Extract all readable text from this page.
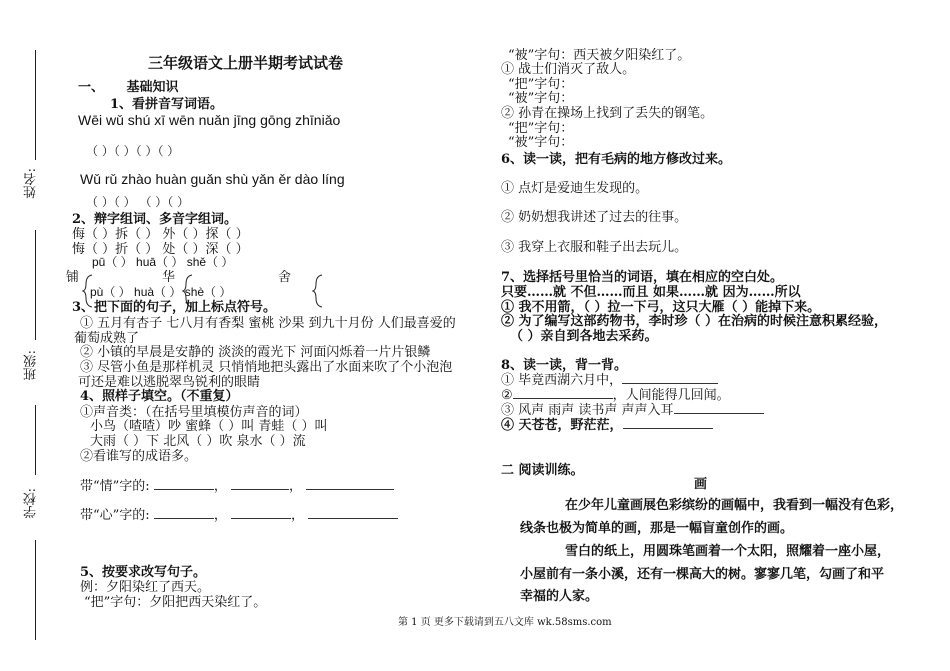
姓名:
班级:
学校:
三年级语文上册半期考试试卷
一、 基础知识
1、看拼音写词语。
Wēi wǔ shú xī wēn nuǎn jīng gōng zhīniǎo
（ ）（ ）（ ）（ ）
Wǔ rǔ zhào huàn guǎn shù yǎn ěr dào líng
（ ）（ ） （ ）（ ）
2、辩字组词、多音字组词。
侮（ ）拆（ ） 外（ ）探（ ）
悔（ ）折（ ） 处（ ）深（ ）
pū（ ） huā（ ） shě（ ）
铺	华	舍
pù（ ） huà（ ） shè（ ）
3、把下面的句子，加上标点符号。
① 五月有杏子 七八月有香梨 蜜桃 沙果 到九十月份 人们最喜爱的
葡萄成熟了
② 小镇的早晨是安静的 淡淡的霞光下 河面闪烁着一片片银鳞
③ 尽管小鱼是那样机灵 只悄悄地把头露出了水面来吹了个小泡泡
可还是难以逃脱翠鸟锐利的眼睛
4、照样子填空。（不重复）
①声音类：（在括号里填模仿声音的词）
小鸟（喳喳）吵 蜜蜂（ ）叫 青蛙（ ）叫
大雨（ ）下 北风（ ）吹 泉水（ ）流
②看谁写的成语多。
带“情”字的:	，	，
带“心”字的:	，	，
5、按要求改写句子。
例：夕阳染红了西天。
“把”字句：夕阳把西天染红了。
“被”字句：西天被夕阳染红了。
① 战士们消灭了敌人。
“把”字句：
“被”字句：
② 孙青在操场上找到了丢失的钢笔。
“把”字句：
“被”字句：
6、读一读，把有毛病的地方修改过来。
① 点灯是爱迪生发现的。
② 奶奶想我讲述了过去的往事。
③ 我穿上衣服和鞋子出去玩儿。
7、选择括号里恰当的词语，填在相应的空白处。
只要……就 不但……而且 如果……就 因为……所以
① 我不用箭，（ ）拉一下弓，这只大雁（ ）能掉下来。
② 为了编写这部药物书，李时珍（ ）在治病的时候注意积累经验，
（ ）亲自到各地去采药。
8、读一读，背一背。
① 毕竟西湖六月中，
②	，人间能得几回闻。
③ 风声 雨声 读书声 声声入耳
④ 天苍苍，野茫茫，
二 阅读训练。
画
在少年儿童画展色彩缤纷的画幅中，我看到一幅没有色彩，
线条也极为简单的画，那是一幅盲童创作的画。
雪白的纸上，用圆珠笔画着一个太阳，照耀着一座小屋，
小屋前有一条小溪，还有一棵高大的树。寥寥几笔，勾画了和平
幸福的人家。
第 1 页 更多下载请到五八文库 wk.58sms.com
